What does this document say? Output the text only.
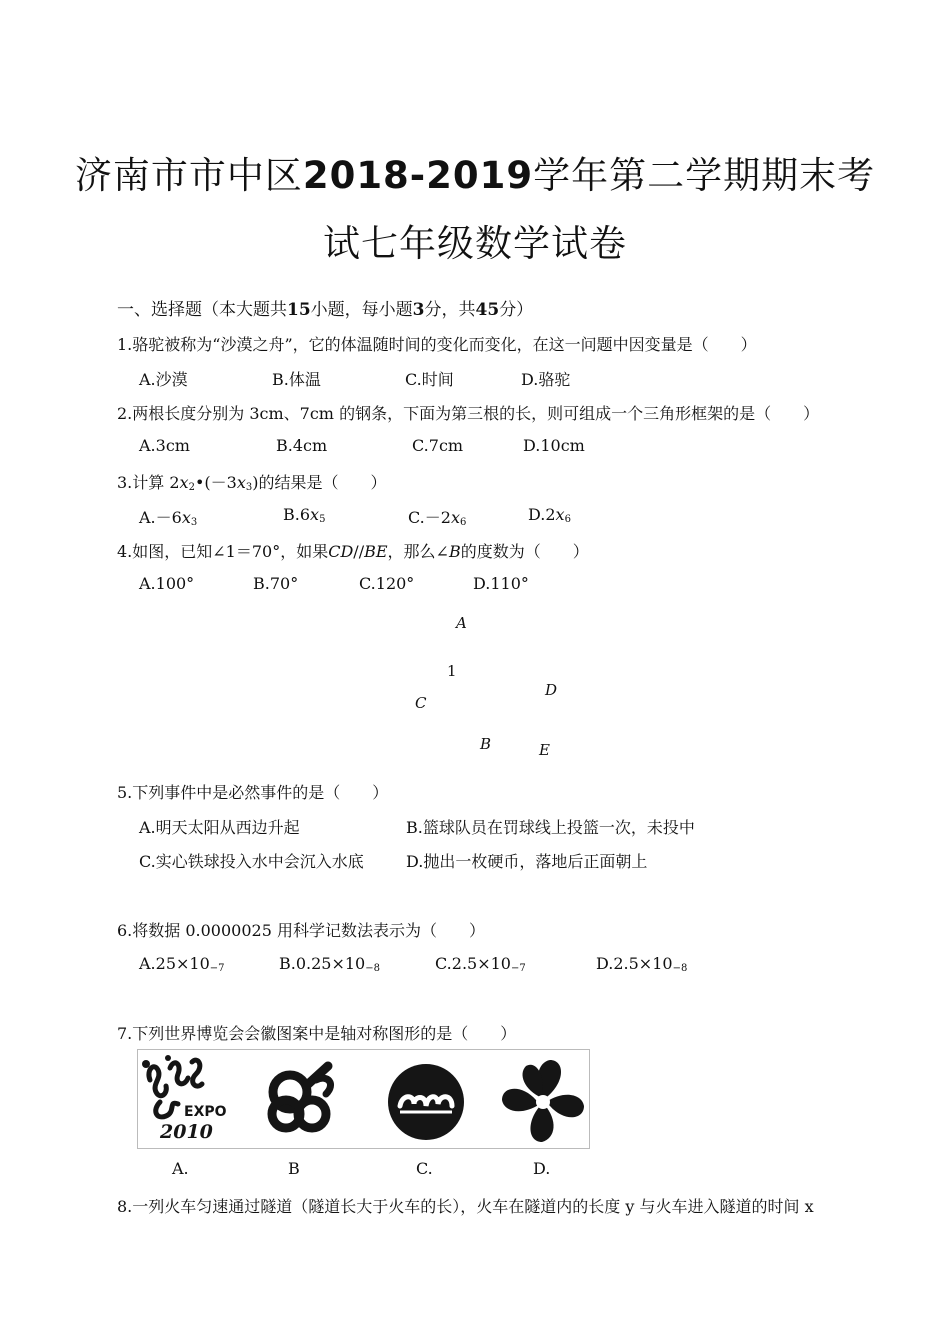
济南市市中区2018-2019学年第二学期期末考
试七年级数学试卷
一、选择题（本大题共15小题，每小题3分，共45分）
1.骆驼被称为“沙漠之舟”，它的体温随时间的变化而变化，在这一问题中因变量是（　　）
A.沙漠	B.体温	C.时间	D.骆驼
2.两根长度分别为 3cm、7cm 的钢条，下面为第三根的长，则可组成一个三角形框架的是（　　）
A.3cm	B.4cm	C.7cm	D.10cm
3.计算 $2x_2•(-3x_3)$的结果是（　　）
$A.-6x_3$	$B.6x_5$	$C.-2x_6$	$D.2x_6$
4.如图，已知∠1＝70°，如果CD//BE，那么∠B的度数为（　　）
A.100°	B.70°	C.120°	D.110°
A
1
D
C
B	E
5.下列事件中是必然事件的是（　　）
A.明天太阳从西边升起	B.篮球队员在罚球线上投篮一次，未投中
C.实心铁球投入水中会沉入水底	D.抛出一枚硬币，落地后正面朝上
6.将数据 0.0000025 用科学记数法表示为（　　）
$A.25\times 10_{-7}$	$B.0.25\times 10_{-8}$	$C.2.5\times 10_{-7}$	$D.2.5\times 10_{-8}$
7.下列世界博览会会徽图案中是轴对称图形的是（　　）
EXPO
2010
A.	B	C.	D.
8.一列火车匀速通过隧道（隧道长大于火车的长），火车在隧道内的长度 y 与火车进入隧道的时间 x
